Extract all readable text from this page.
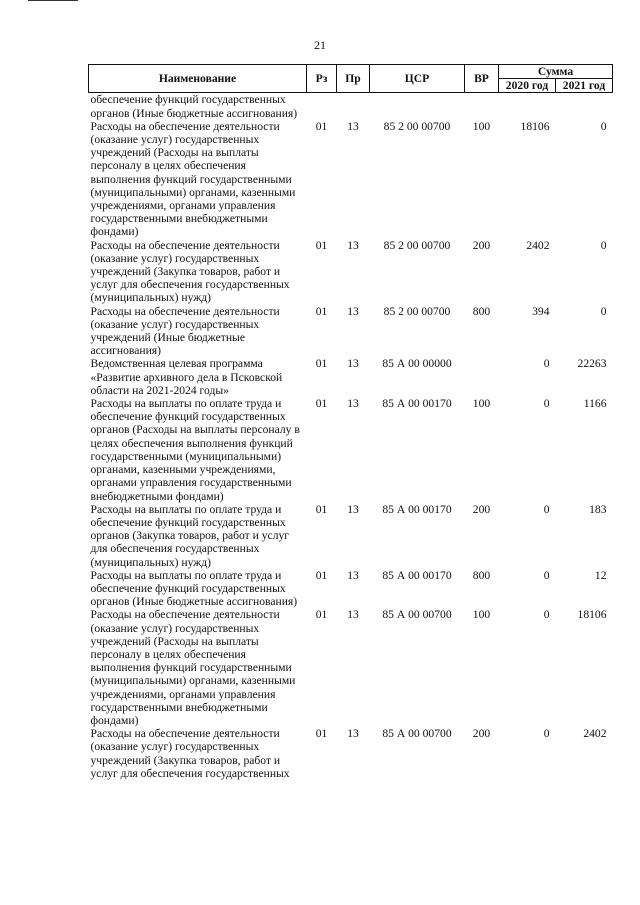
21
Наименование	Рз	Пр	ЦСР	ВР	Сумма	
					2020 год	2021 год
обеспечение функций государственных органов (Иные бюджетные ассигнования)						
Расходы на обеспечение деятельности (оказание услуг) государственных учреждений (Расходы на выплаты персоналу в целях обеспечения выполнения функций государственными (муниципальными) органами, казенными учреждениями, органами управления государственными внебюджетными фондами)	01	13	85 2 00 00700	100	18106	0
Расходы на обеспечение деятельности (оказание услуг) государственных учреждений (Закупка товаров, работ и услуг для обеспечения государственных (муниципальных) нужд)	01	13	85 2 00 00700	200	2402	0
Расходы на обеспечение деятельности (оказание услуг) государственных учреждений (Иные бюджетные ассигнования)	01	13	85 2 00 00700	800	394	0
Ведомственная целевая программа «Развитие архивного дела в Псковской области на 2021-2024 годы»	01	13	85 А 00 00000		0	22263
Расходы на выплаты по оплате труда и обеспечение функций государственных органов (Расходы на выплаты персоналу в целях обеспечения выполнения функций государственными (муниципальными) органами, казенными учреждениями, органами управления государственными внебюджетными фондами)	01	13	85 А 00 00170	100	0	1166
Расходы на выплаты по оплате труда и обеспечение функций государственных органов (Закупка товаров, работ и услуг для обеспечения государственных (муниципальных) нужд)	01	13	85 А 00 00170	200	0	183
Расходы на выплаты по оплате труда и обеспечение функций государственных органов (Иные бюджетные ассигнования)	01	13	85 А 00 00170	800	0	12
Расходы на обеспечение деятельности (оказание услуг) государственных учреждений (Расходы на выплаты персоналу в целях обеспечения выполнения функций государственными (муниципальными) органами, казенными учреждениями, органами управления государственными внебюджетными фондами)	01	13	85 А 00 00700	100	0	18106
Расходы на обеспечение деятельности (оказание услуг) государственных учреждений (Закупка товаров, работ и услуг для обеспечения государственных	01	13	85 А 00 00700	200	0	2402
